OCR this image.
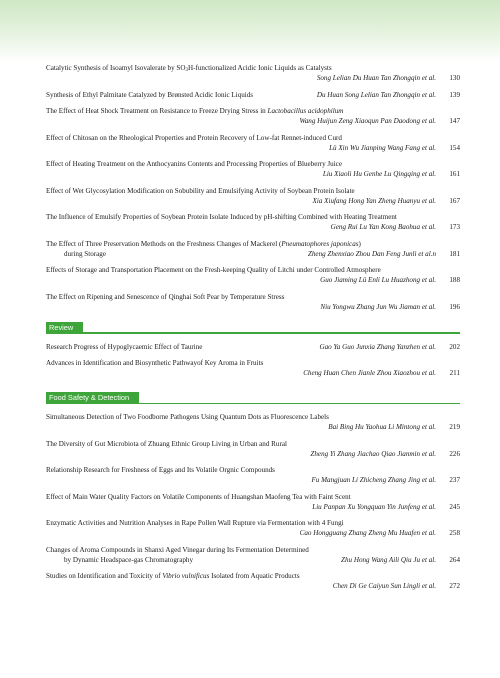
Catalytic Synthesis of Isoamyl Isovalerate by $SO_3H$-functionalized Acidic Ionic Liquids as Catalysts
Song Lelian Du Huan Tan Zhongqin et al.	130
Synthesis of Ethyl Palmitate Catalyzed by Brønsted Acidic Ionic Liquids	Du Huan Song Lelian Tan Zhongqin et al.	139
The Effect of Heat Shock Treatment on Resistance to Freeze Drying Stress in Lactobacillus acidophilum
Wang Huijun Zeng Xiaoqun Pan Daodong et al.	147
Effect of Chitosan on the Rheological Properties and Protein Recovery of Low-fat Rennet-induced Curd
Lü Xin Wu Jianping Wang Fang et al.	154
Effect of Heating Treatment on the Anthocyanins Contents and Processing Properties of Blueberry Juice
Liu Xiaoli Hu Genhe Lu Qingqing et al.	161
Effect of Wet Glycosylation Modification on Sobubility and Emulsifying Activity of Soybean Protein Isolate
Xia Xiufang Hong Yan Zheng Huanyu et al.	167
The Influence of Emulsify Properties of Soybean Protein Isolate Induced by pH-shifting Combined with Heating Treatment
Geng Rui Lu Yan Kong Baohua et al.	173
The Effect of Three Preservation Methods on the Freshness Changes of Mackerel (Pneumatophores japonicas)
during Storage	Zheng Zhenxiao Zhou Dan Feng Junli et al.n	181
Effects of Storage and Transportation Placement on the Fresh-keeping Quality of Litchi under Controlled Atmosphere
Guo Jiaming Lü Enli Lu Huazhong et al.	188
The Effect on Ripening and Senescence of Qinghai Soft Pear by Temperature Stress
Niu Yongwu Zhang Jun Wu Jiaman et al.	196
Review
Research Progress of Hypoglycaemic Effect of Taurine	Gao Ya Guo Junxia Zhang Yanzhen et al.	202
Advances in Identification and Biosynthetic Pathwayof Key Aroma in Fruits
Cheng Huan Chen Jianle Zhou Xiaozhou et al.	211
Food Safety & Detection
Simultaneous Detection of Two Foodborne Pathogens Using Quantum Dots as Fluorescence Labels
Bai Bing Hu Yaohua Li Mintong et al.	219
The Diversity of Gut Microbiota of Zhuang Ethnic Group Living in Urban and Rural
Zheng Yi Zhang Jiachao Qiao Jianmin et al.	226
Relationship Research for Freshness of Eggs and Its Volatile Orgnic Compounds
Fu Mangjuan Li Zhicheng Zhang Jing et al.	237
Effect of Main Water Quality Factors on Volatile Components of Huangshan Maofeng Tea with Faint Scent
Liu Panpan Xu Yongquan Yin Junfeng et al.	245
Enzymatic Activities and Nutrition Analyses in Rape Pollen Wall Rupture via Fermentation with 4 Fungi
Cao Hongguang Zhang Zheng Mu Huafen et al.	258
Changes of Aroma Compounds in Shanxi Aged Vinegar during Its Fermentation Determined
by Dynamic Headspace-gas Chromatography	Zhu Hong Wang Aili Qiu Ju et al.	264
Studies on Identification and Toxicity of Vibrio vulnificus Isolated from Aquatic Products
Chen Di Ge Caiyun Sun Lingli et al.	272
